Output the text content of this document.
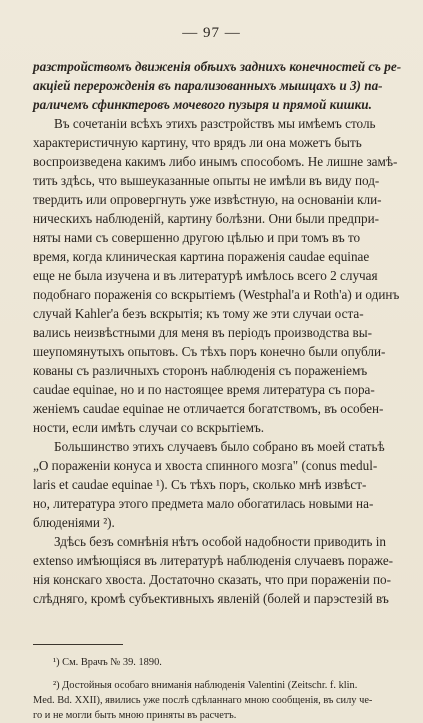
— 97 —
разстройствомъ движенія обѣихъ заднихъ конечностей съ ре-
акціей перерожденія въ парализованныхъ мышцахъ и 3) па-
раличемъ сфинктеровъ мочевого пузыря и прямой кишки.
Въ сочетаніи всѣхъ этихъ разстройствъ мы имѣемъ столь
характеристичную картину, что врядъ ли она можетъ быть
воспроизведена какимъ либо инымъ способомъ. Не лишне замѣ-
тить здѣсь, что вышеуказанные опыты не имѣли въ виду под-
твердить или опровергнуть уже извѣстную, на основаніи кли-
ническихъ наблюденій, картину болѣзни. Они были предпри-
няты нами съ совершенно другою цѣлью и при томъ въ то
время, когда клиническая картина пораженія caudae equinae
еще не была изучена и въ литературѣ имѣлось всего 2 случая
подобнаго пораженія со вскрытіемъ (Westphal'а и Roth'а) и одинъ
случай Kahler'а безъ вскрытія; къ тому же эти случаи оста-
вались неизвѣстными для меня въ періодъ производства вы-
шеупомянутыхъ опытовъ. Съ тѣхъ поръ конечно были опубли-
кованы съ различныхъ сторонъ наблюденія съ пораженіемъ
caudae equinae, но и по настоящее время литература съ пора-
женіемъ caudae equinae не отличается богатствомъ, въ особен-
ности, если имѣть случаи со вскрытіемъ.
Большинство этихъ случаевъ было собрано въ моей статьѣ
„О пораженіи конуса и хвоста спинного мозга" (conus medul-
laris et caudae equinae ¹). Съ тѣхъ поръ, сколько мнѣ извѣст-
но, литература этого предмета мало обогатилась новыми на-
блюденіями ²).
Здѣсь безъ сомнѣнія нѣтъ особой надобности приводить in
extenso имѣющіяся въ литературѣ наблюденія случаевъ пораже-
нія конскаго хвоста. Достаточно сказать, что при пораженіи по-
слѣдняго, кромѣ субъективныхъ явленій (болей и парэстезій въ
¹) См. Врачъ № 39. 1890.
²) Достойныя особаго вниманія наблюденія Valentini (Zeitschr. f. klin.
Med. Bd. XXII), явились уже послѣ сдѣланнаго мною сообщенія, въ силу че-
го и не могли быть мною приняты въ расчетъ.
